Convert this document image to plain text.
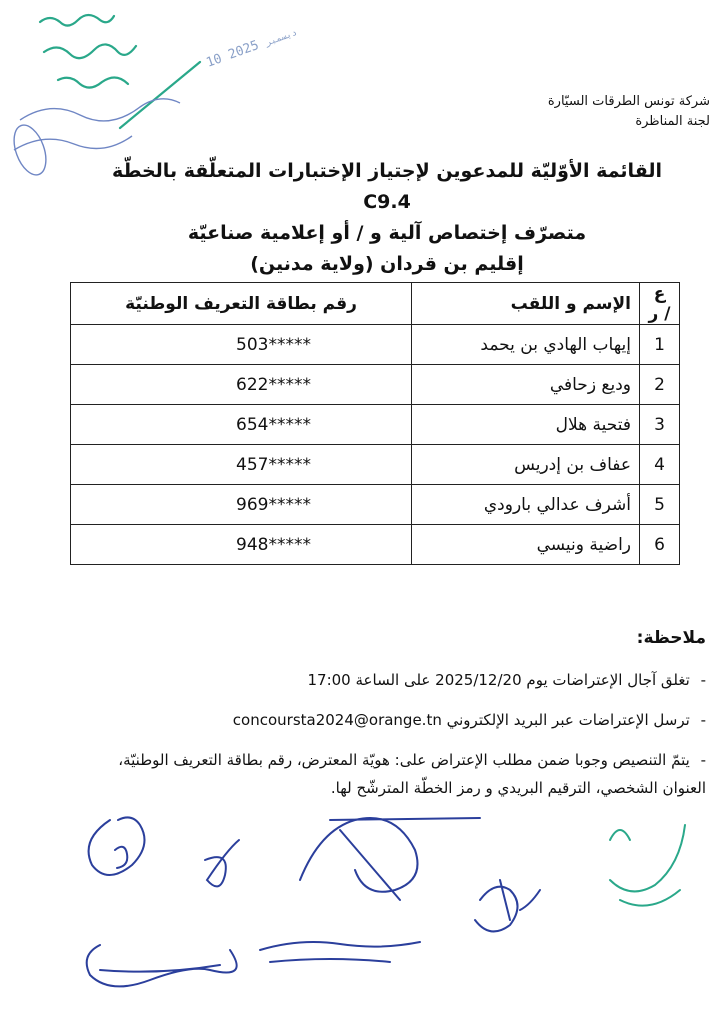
10 ديسمبر 2025
شركة تونس الطرقات السيّارة
لجنة المناظرة
القائمة الأوّليّة للمدعوين لإجتياز الإختبارات المتعلّقة بالخطّة C9.4
متصرّف إختصاص آلية و / أو إعلامية صناعيّة
إقليم بن قردان (ولاية مدنين)
ع / ر	الإسم و اللقب	رقم بطاقة التعريف الوطنيّة
1	إيهاب الهادي بن يحمد	503*****
2	وديع زحافي	622*****
3	فتحية هلال	654*****
4	عفاف بن إدريس	457*****
5	أشرف عدالي بارودي	969*****
6	راضية ونيسي	948*****
ملاحظة:
- تغلق آجال الإعتراضات يوم 2025/12/20 على الساعة 17:00
- ترسل الإعتراضات عبر البريد الإلكتروني concoursta2024@orange.tn
- يتمّ التنصيص وجوبا ضمن مطلب الإعتراض على: هويّة المعترض، رقم بطاقة التعريف الوطنيّة، العنوان الشخصي، الترقيم البريدي و رمز الخطّة المترشّح لها.
